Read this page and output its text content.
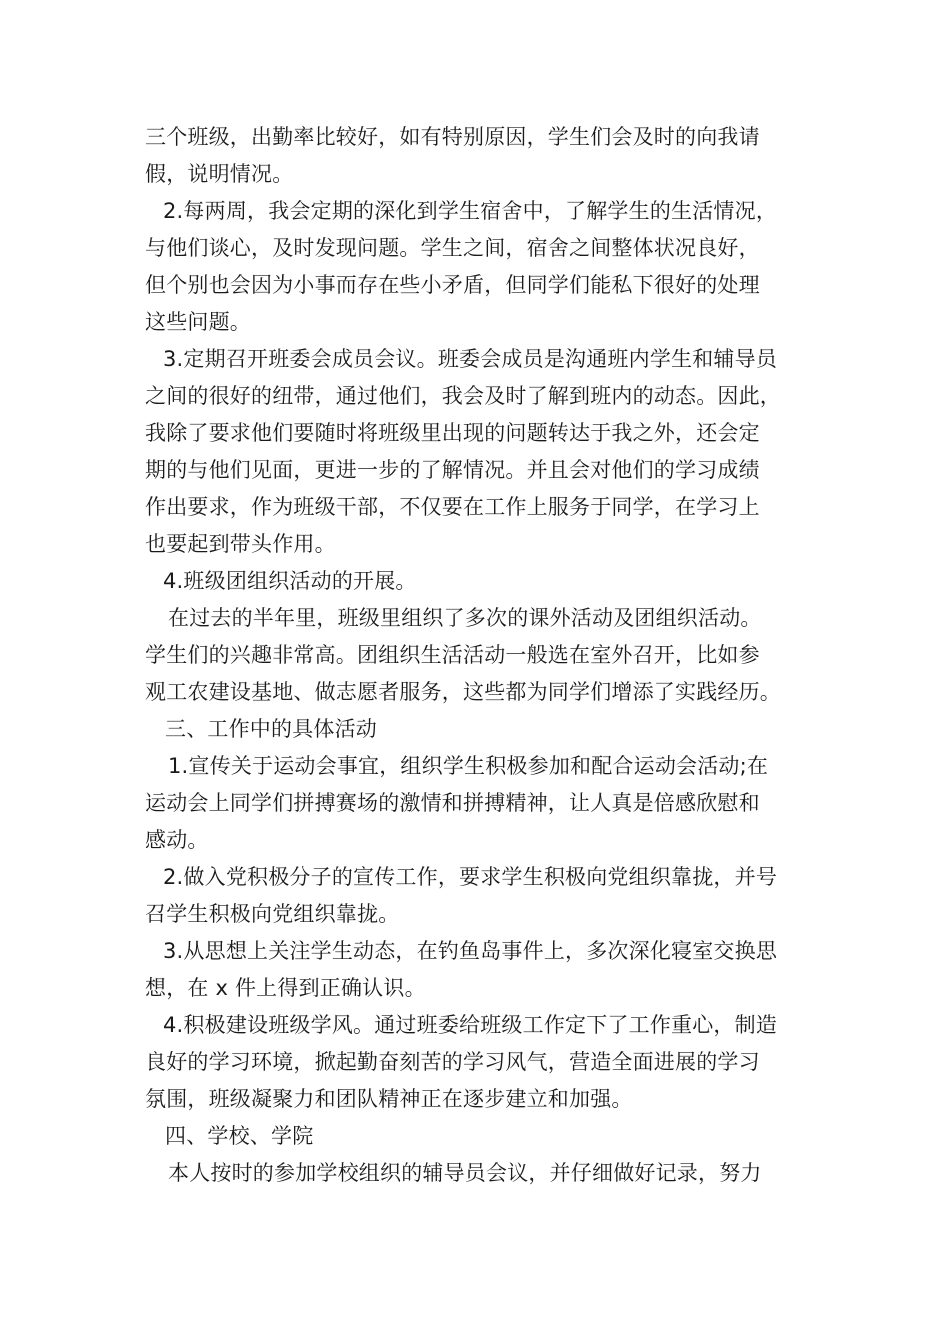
三个班级，出勤率比较好，如有特别原因，学生们会及时的向我请
假，说明情况。
2.每两周，我会定期的深化到学生宿舍中，了解学生的生活情况，
与他们谈心，及时发现问题。学生之间，宿舍之间整体状况良好，
但个别也会因为小事而存在些小矛盾，但同学们能私下很好的处理
这些问题。
3.定期召开班委会成员会议。班委会成员是沟通班内学生和辅导员
之间的很好的纽带，通过他们，我会及时了解到班内的动态。因此，
我除了要求他们要随时将班级里出现的问题转达于我之外，还会定
期的与他们见面，更进一步的了解情况。并且会对他们的学习成绩
作出要求，作为班级干部，不仅要在工作上服务于同学，在学习上
也要起到带头作用。
4.班级团组织活动的开展。
在过去的半年里，班级里组织了多次的课外活动及团组织活动。
学生们的兴趣非常高。团组织生活活动一般选在室外召开，比如参
观工农建设基地、做志愿者服务，这些都为同学们增添了实践经历。
三、工作中的具体活动
1.宣传关于运动会事宜，组织学生积极参加和配合运动会活动;在
运动会上同学们拼搏赛场的激情和拼搏精神，让人真是倍感欣慰和
感动。
2.做入党积极分子的宣传工作，要求学生积极向党组织靠拢，并号
召学生积极向党组织靠拢。
3.从思想上关注学生动态，在钓鱼岛事件上，多次深化寝室交换思
想，在 x 件上得到正确认识。
4.积极建设班级学风。通过班委给班级工作定下了工作重心，制造
良好的学习环境，掀起勤奋刻苦的学习风气，营造全面进展的学习
氛围，班级凝聚力和团队精神正在逐步建立和加强。
四、学校、学院
本人按时的参加学校组织的辅导员会议，并仔细做好记录，努力
